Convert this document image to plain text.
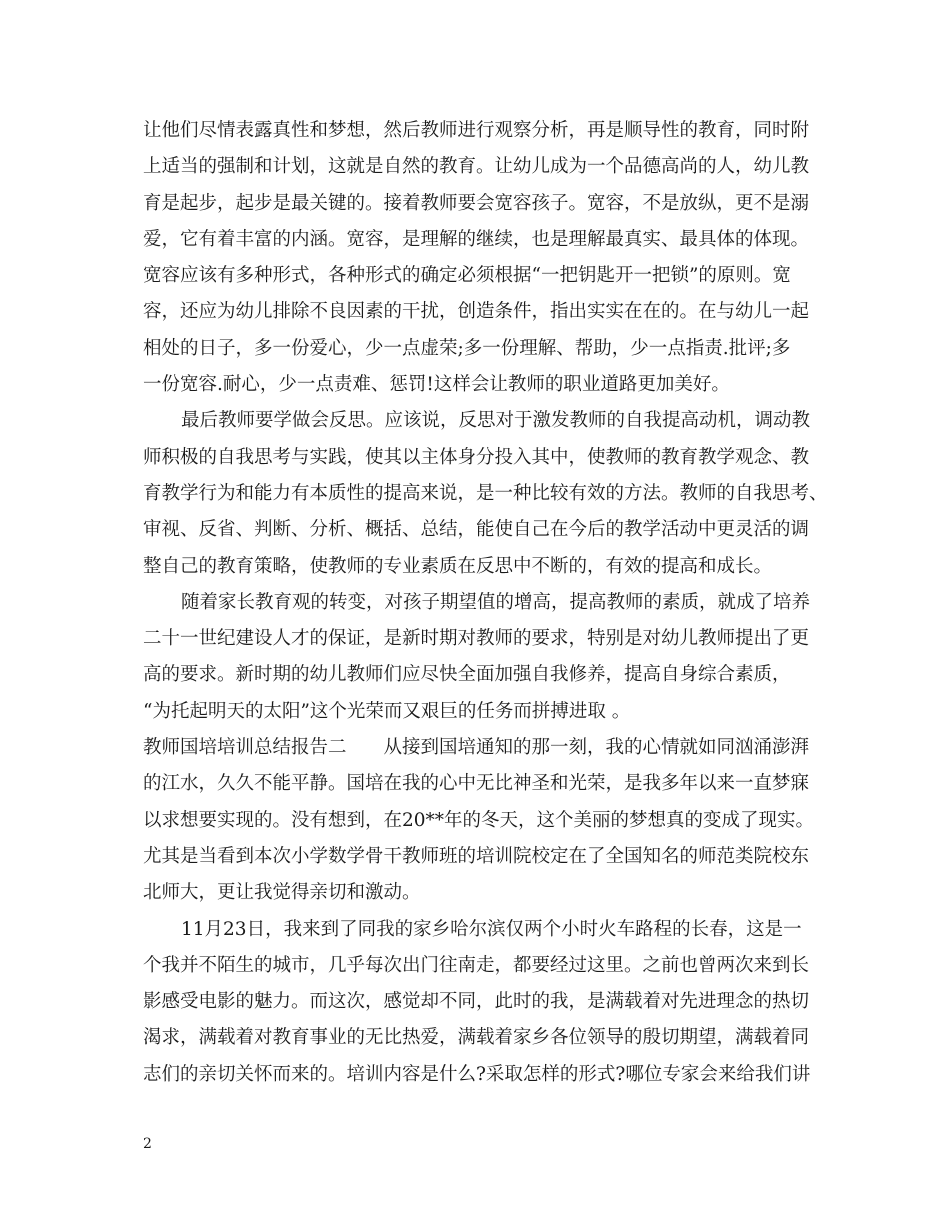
让他们尽情表露真性和梦想，然后教师进行观察分析，再是顺导性的教育，同时附
上适当的强制和计划，这就是自然的教育。让幼儿成为一个品德高尚的人，幼儿教
育是起步，起步是最关键的。接着教师要会宽容孩子。宽容，不是放纵，更不是溺
爱，它有着丰富的内涵。宽容，是理解的继续，也是理解最真实、最具体的体现。
宽容应该有多种形式，各种形式的确定必须根据“一把钥匙开一把锁”的原则。宽
容，还应为幼儿排除不良因素的干扰，创造条件，指出实实在在的。在与幼儿一起
相处的日子，多一份爱心，少一点虚荣;多一份理解、帮助，少一点指责.批评;多
一份宽容.耐心，少一点责难、惩罚!这样会让教师的职业道路更加美好。
最后教师要学做会反思。应该说，反思对于激发教师的自我提高动机，调动教
师积极的自我思考与实践，使其以主体身分投入其中，使教师的教育教学观念、教
育教学行为和能力有本质性的提高来说，是一种比较有效的方法。教师的自我思考、
审视、反省、判断、分析、概括、总结，能使自己在今后的教学活动中更灵活的调
整自己的教育策略，使教师的专业素质在反思中不断的，有效的提高和成长。
随着家长教育观的转变，对孩子期望值的增高，提高教师的素质，就成了培养
二十一世纪建设人才的保证，是新时期对教师的要求，特别是对幼儿教师提出了更
高的要求。新时期的幼儿教师们应尽快全面加强自我修养，提高自身综合素质，
“为托起明天的太阳”这个光荣而又艰巨的任务而拼搏进取 。
教师国培培训总结报告二　　从接到国培通知的那一刻，我的心情就如同汹涌澎湃
的江水，久久不能平静。国培在我的心中无比神圣和光荣，是我多年以来一直梦寐
以求想要实现的。没有想到，在20**年的冬天，这个美丽的梦想真的变成了现实。
尤其是当看到本次小学数学骨干教师班的培训院校定在了全国知名的师范类院校东
北师大，更让我觉得亲切和激动。
11月23日，我来到了同我的家乡哈尔滨仅两个小时火车路程的长春，这是一
个我并不陌生的城市，几乎每次出门往南走，都要经过这里。之前也曾两次来到长
影感受电影的魅力。而这次，感觉却不同，此时的我，是满载着对先进理念的热切
渴求，满载着对教育事业的无比热爱，满载着家乡各位领导的殷切期望，满载着同
志们的亲切关怀而来的。培训内容是什么?采取怎样的形式?哪位专家会来给我们讲
2
